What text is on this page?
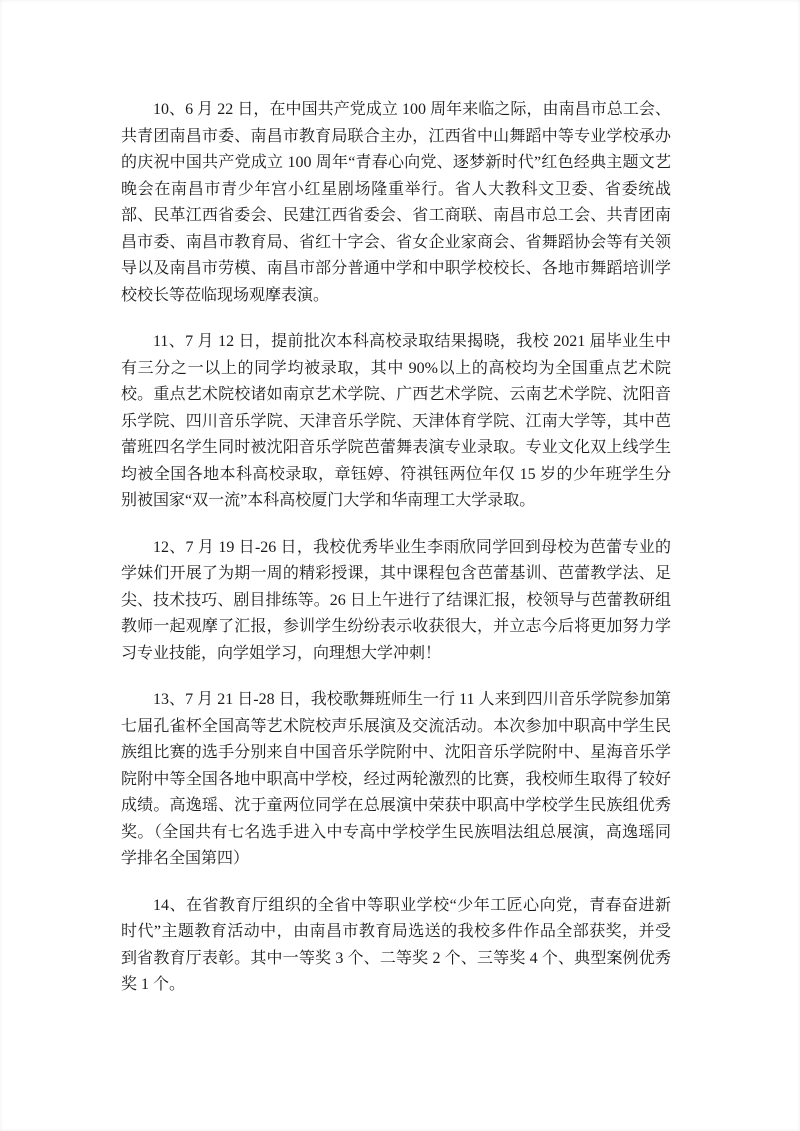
10、6 月 22 日，在中国共产党成立 100 周年来临之际，由南昌市总工会、共青团南昌市委、南昌市教育局联合主办，江西省中山舞蹈中等专业学校承办的庆祝中国共产党成立 100 周年“青春心向党、逐梦新时代”红色经典主题文艺晚会在南昌市青少年宫小红星剧场隆重举行。省人大教科文卫委、省委统战部、民革江西省委会、民建江西省委会、省工商联、南昌市总工会、共青团南昌市委、南昌市教育局、省红十字会、省女企业家商会、省舞蹈协会等有关领导以及南昌市劳模、南昌市部分普通中学和中职学校校长、各地市舞蹈培训学校校长等莅临现场观摩表演。

11、7 月 12 日，提前批次本科高校录取结果揭晓，我校 2021 届毕业生中有三分之一以上的同学均被录取，其中 90%以上的高校均为全国重点艺术院校。重点艺术院校诸如南京艺术学院、广西艺术学院、云南艺术学院、沈阳音乐学院、四川音乐学院、天津音乐学院、天津体育学院、江南大学等，其中芭蕾班四名学生同时被沈阳音乐学院芭蕾舞表演专业录取。专业文化双上线学生均被全国各地本科高校录取，章钰婷、符祺钰两位年仅 15 岁的少年班学生分别被国家“双一流”本科高校厦门大学和华南理工大学录取。

12、7 月 19 日-26 日，我校优秀毕业生李雨欣同学回到母校为芭蕾专业的学妹们开展了为期一周的精彩授课，其中课程包含芭蕾基训、芭蕾教学法、足尖、技术技巧、剧目排练等。26 日上午进行了结课汇报，校领导与芭蕾教研组教师一起观摩了汇报，参训学生纷纷表示收获很大，并立志今后将更加努力学习专业技能，向学姐学习，向理想大学冲刺！

13、7 月 21 日-28 日，我校歌舞班师生一行 11 人来到四川音乐学院参加第七届孔雀杯全国高等艺术院校声乐展演及交流活动。本次参加中职高中学生民族组比赛的选手分别来自中国音乐学院附中、沈阳音乐学院附中、星海音乐学院附中等全国各地中职高中学校，经过两轮激烈的比赛，我校师生取得了较好成绩。高逸瑶、沈于童两位同学在总展演中荣获中职高中学校学生民族组优秀奖。（全国共有七名选手进入中专高中学校学生民族唱法组总展演，高逸瑶同学排名全国第四）

14、在省教育厅组织的全省中等职业学校“少年工匠心向党，青春奋进新时代”主题教育活动中，由南昌市教育局选送的我校多件作品全部获奖，并受到省教育厅表彰。其中一等奖 3 个、二等奖 2 个、三等奖 4 个、典型案例优秀奖 1 个。
